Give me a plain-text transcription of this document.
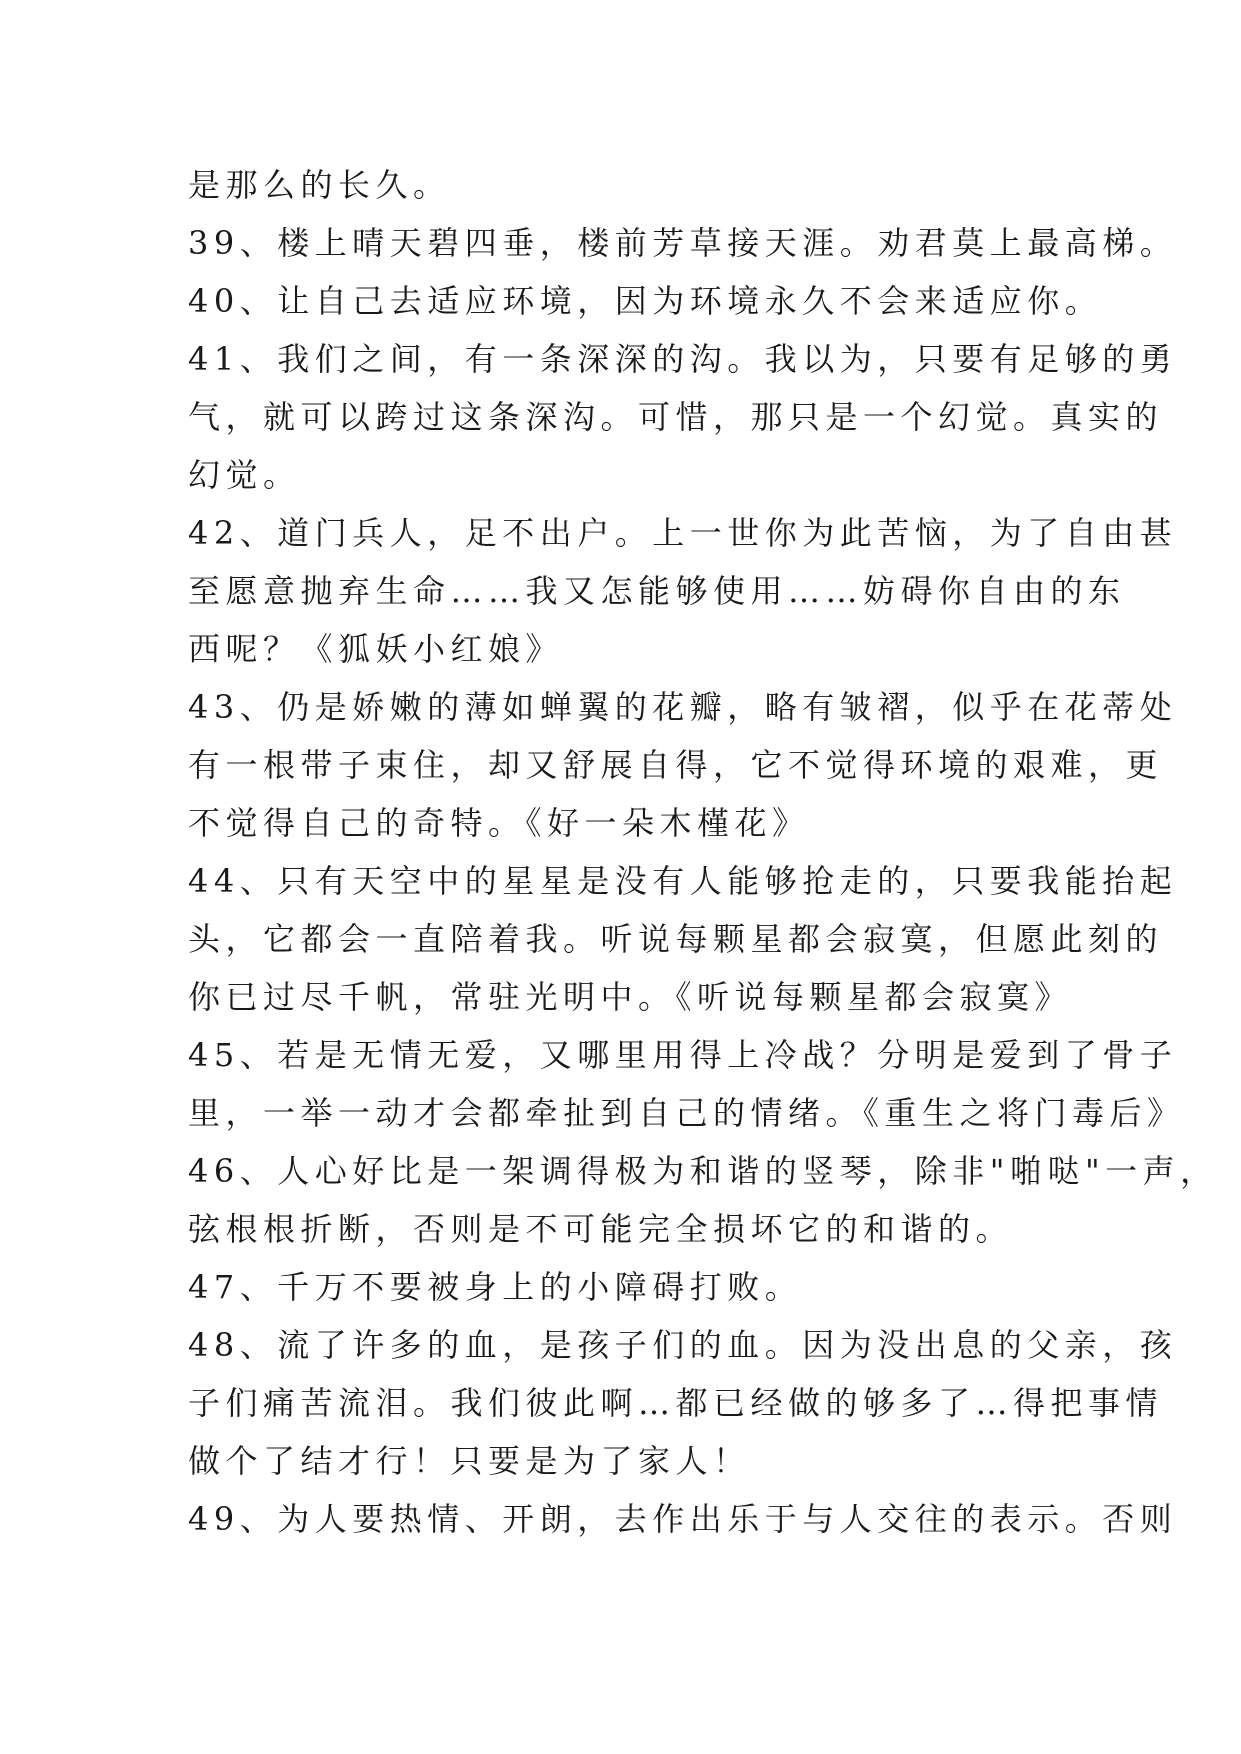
是那么的长久。
39、楼上晴天碧四垂，楼前芳草接天涯。劝君莫上最高梯。
40、让自己去适应环境，因为环境永久不会来适应你。
41、我们之间，有一条深深的沟。我以为，只要有足够的勇
气，就可以跨过这条深沟。可惜，那只是一个幻觉。真实的
幻觉。
42、道门兵人，足不出户。上一世你为此苦恼，为了自由甚
至愿意抛弃生命……我又怎能够使用……妨碍你自由的东
西呢？《狐妖小红娘》
43、仍是娇嫩的薄如蝉翼的花瓣，略有皱褶，似乎在花蒂处
有一根带子束住，却又舒展自得，它不觉得环境的艰难，更
不觉得自己的奇特。《好一朵木槿花》
44、只有天空中的星星是没有人能够抢走的，只要我能抬起
头，它都会一直陪着我。听说每颗星都会寂寞，但愿此刻的
你已过尽千帆，常驻光明中。《听说每颗星都会寂寞》
45、若是无情无爱，又哪里用得上冷战？分明是爱到了骨子
里，一举一动才会都牵扯到自己的情绪。《重生之将门毒后》
46、人心好比是一架调得极为和谐的竖琴，除非"啪哒"一声，
弦根根折断，否则是不可能完全损坏它的和谐的。
47、千万不要被身上的小障碍打败。
48、流了许多的血，是孩子们的血。因为没出息的父亲，孩
子们痛苦流泪。我们彼此啊…都已经做的够多了…得把事情
做个了结才行！只要是为了家人！
49、为人要热情、开朗，去作出乐于与人交往的表示。否则
